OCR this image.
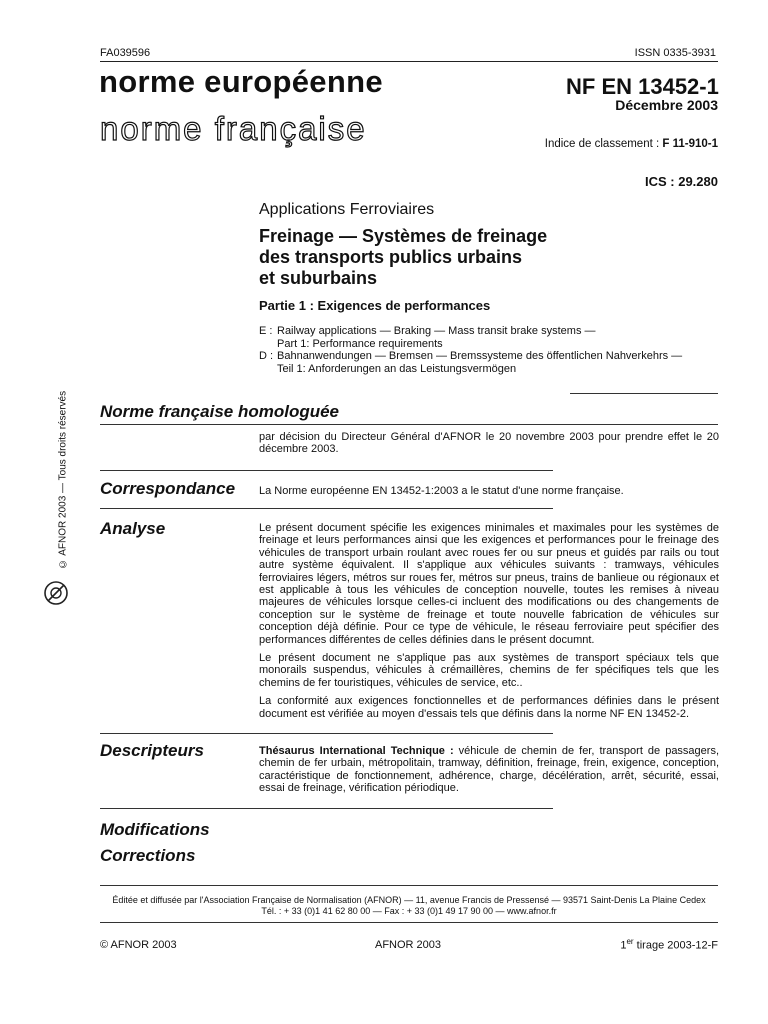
FA039596	ISSN 0335-3931
norme européenne
norme française
NF EN 13452-1
Décembre 2003
Indice de classement : F 11-910-1
ICS : 29.280
Applications Ferroviaires
Freinage — Systèmes de freinage
des transports publics urbains
et suburbains
Partie 1 : Exigences de performances
E : Railway applications — Braking — Mass transit brake systems —
Part 1: Performance requirements
D : Bahnanwendungen — Bremsen — Bremssysteme des öffentlichen Nahverkehrs —
Teil 1: Anforderungen an das Leistungsvermögen
Norme française homologuée
par décision du Directeur Général d'AFNOR le 20 novembre 2003 pour prendre effet le 20 décembre 2003.
Correspondance La Norme européenne EN 13452-1:2003 a le statut d'une norme française.
Analyse	Le présent document spécifie les exigences minimales et maximales pour les systèmes de freinage et leurs performances ainsi que les exigences et performances pour le freinage des véhicules de transport urbain roulant avec roues fer ou sur pneus et guidés par rails ou tout autre système équivalent. Il s'applique aux véhicules suivants : tramways, véhicules ferroviaires légers, métros sur roues fer, métros sur pneus, trains de banlieue ou régionaux et est applicable à tous les véhicules de conception nouvelle, toutes les remises à niveau majeures de véhicules lorsque celles-ci incluent des modifications ou des changements de conception sur le système de freinage et toute nouvelle fabrication de véhicules sur conception déjà définie. Pour ce type de véhicule, le réseau ferroviaire peut spécifier des performances différentes de celles définies dans le présent documnt.

Le présent document ne s'applique pas aux systèmes de transport spéciaux tels que monorails suspendus, véhicules à crémaillères, chemins de fer spécifiques tels que les chemins de fer touristiques, véhicules de service, etc..

La conformité aux exigences fonctionnelles et de performances définies dans le présent document est vérifiée au moyen d'essais tels que définis dans la norme NF EN 13452-2.

Descripteurs	Thésaurus International Technique : véhicule de chemin de fer, transport de passagers, chemin de fer urbain, métropolitain, tramway, définition, freinage, frein, exigence, conception, caractéristique de fonctionnement, adhérence, charge, décélération, arrêt, sécurité, essai, essai de freinage, vérification périodique.
Modifications
Corrections
Éditée et diffusée par l'Association Française de Normalisation (AFNOR) — 11, avenue Francis de Pressensé — 93571 Saint-Denis La Plaine Cedex
Tél. : + 33 (0)1 41 62 80 00 — Fax : + 33 (0)1 49 17 90 00 — www.afnor.fr
© AFNOR 2003	AFNOR 2003	1er tirage 2003-12-F
© AFNOR 2003 — Tous droits réservés
